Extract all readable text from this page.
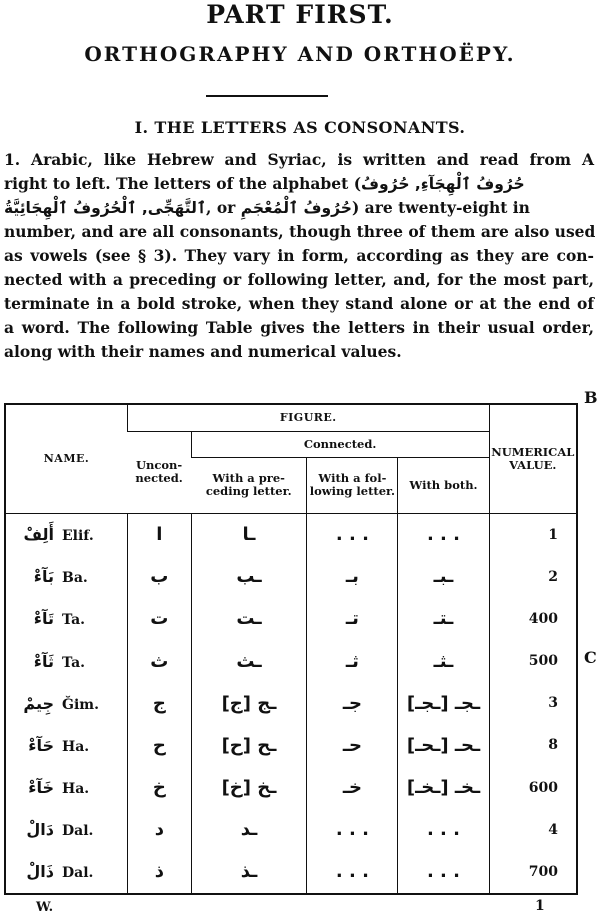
PART FIRST.
ORTHOGRAPHY AND ORTHOËPY.
I. THE LETTERS AS CONSONANTS.
1. Arabic, like Hebrew and Syriac, is written and read from A
right to left. The letters of the alphabet (حُرُوفُ ٱلْهِجَآءِ, حُرُوفُ
ٱلتَّهَجِّى, ٱلْحُرُوفُ ٱلْهِجَائِيَّةُ, or حُرُوفُ ٱلْمُعْجَمِ) are twenty-eight in
number, and are all consonants, though three of them are also used
as vowels (see § 3). They vary in form, according as they are con-
nected with a preceding or following letter, and, for the most part,
terminate in a bold stroke, when they stand alone or at the end of
a word. The following Table gives the letters in their usual order,
along with their names and numerical values.
B
C
NAME.	FIGURE.				NUMERICAL VALUE.
	Uncon- nected.	Connected.			
		With a pre- ceding letter.	With a fol- lowing letter.	With both.	
أَلِفْ Elif.	ا	ـا	. . .	. . .	1
بَآءْ Ba.	ب	ـب	بـ	ـبـ	2
تَآءْ Ta.	ت	ـت	تـ	ـتـ	400
ثَآءْ Ta.	ث	ـث	ثـ	ـثـ	500
جِيمْ Ğim.	ج	ـج [ج]	جـ	ـجـ [ـجـ]	3
حَآءْ Ha.	ح	ـح [ح]	حـ	ـحـ [ـحـ]	8
خَآءْ Ha.	خ	ـخ [خ]	خـ	ـخـ [ـخـ]	600
دَالْ Dal.	د	ـد	. . .	. . .	4
ذَالْ Dal.	ذ	ـذ	. . .	. . .	700
W.	1
